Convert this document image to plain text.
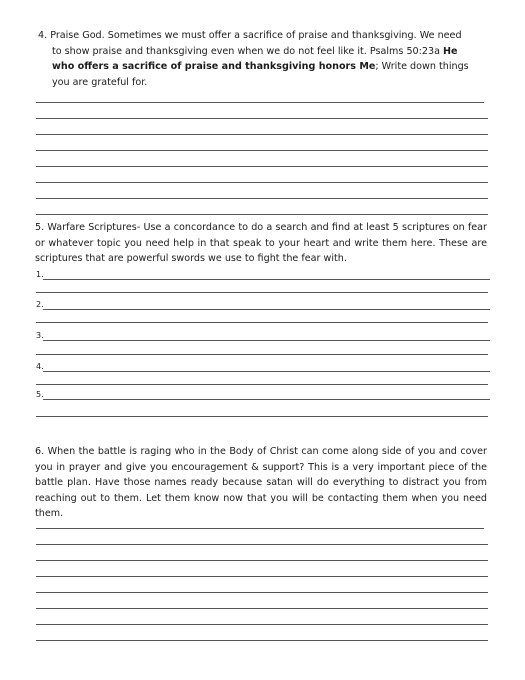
4. Praise God. Sometimes we must offer a sacrifice of praise and thanksgiving. We need
to show praise and thanksgiving even when we do not feel like it. Psalms 50:23a He who offers a sacrifice of praise and thanksgiving honors Me; Write down things you are grateful for.
5. Warfare Scriptures- Use a concordance to do a search and find at least 5 scriptures on fear or whatever topic you need help in that speak to your heart and write them here. These are scriptures that are powerful swords we use to fight the fear with.
1.
2.
3.
4.
5.
6. When the battle is raging who in the Body of Christ can come along side of you and cover you in prayer and give you encouragement & support? This is a very important piece of the battle plan. Have those names ready because satan will do everything to distract you from reaching out to them. Let them know now that you will be contacting them when you need them.
